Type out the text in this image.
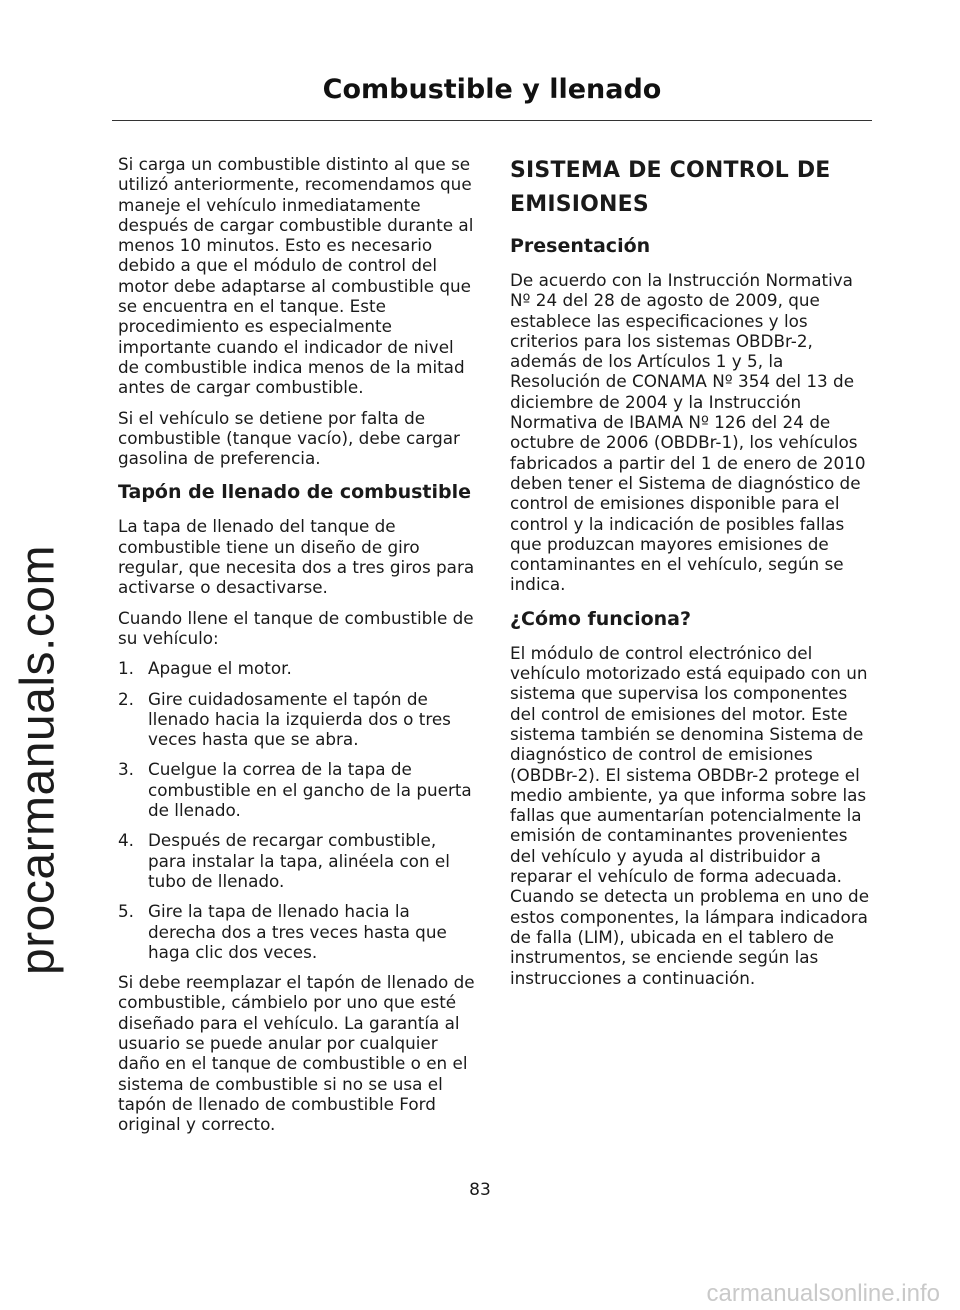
procarmanuals.com
Combustible y llenado

Si carga un combustible distinto al que se utilizó anteriormente, recomendamos que maneje el vehículo inmediatamente después de cargar combustible durante al menos 10 minutos. Esto es necesario debido a que el módulo de control del motor debe adaptarse al combustible que se encuentra en el tanque. Este procedimiento es especialmente importante cuando el indicador de nivel de combustible indica menos de la mitad antes de cargar combustible.

Si el vehículo se detiene por falta de combustible (tanque vacío), debe cargar gasolina de preferencia.

Tapón de llenado de combustible

La tapa de llenado del tanque de combustible tiene un diseño de giro regular, que necesita dos a tres giros para activarse o desactivarse.

Cuando llene el tanque de combustible de su vehículo:

1. Apague el motor.
2. Gire cuidadosamente el tapón de llenado hacia la izquierda dos o tres veces hasta que se abra.
3. Cuelgue la correa de la tapa de combustible en el gancho de la puerta de llenado.
4. Después de recargar combustible, para instalar la tapa, alinéela con el tubo de llenado.
5. Gire la tapa de llenado hacia la derecha dos a tres veces hasta que haga clic dos veces.

Si debe reemplazar el tapón de llenado de combustible, cámbielo por uno que esté diseñado para el vehículo. La garantía al usuario se puede anular por cualquier daño en el tanque de combustible o en el sistema de combustible si no se usa el tapón de llenado de combustible Ford original y correcto.

SISTEMA DE CONTROL DE EMISIONES
Presentación

De acuerdo con la Instrucción Normativa Nº 24 del 28 de agosto de 2009, que establece las especificaciones y los criterios para los sistemas OBDBr-2, además de los Artículos 1 y 5, la Resolución de CONAMA Nº 354 del 13 de diciembre de 2004 y la Instrucción Normativa de IBAMA Nº 126 del 24 de octubre de 2006 (OBDBr-1), los vehículos fabricados a partir del 1 de enero de 2010 deben tener el Sistema de diagnóstico de control de emisiones disponible para el control y la indicación de posibles fallas que produzcan mayores emisiones de contaminantes en el vehículo, según se indica.

¿Cómo funciona?

El módulo de control electrónico del vehículo motorizado está equipado con un sistema que supervisa los componentes del control de emisiones del motor. Este sistema también se denomina Sistema de diagnóstico de control de emisiones (OBDBr-2). El sistema OBDBr-2 protege el medio ambiente, ya que informa sobre las fallas que aumentarían potencialmente la emisión de contaminantes provenientes del vehículo y ayuda al distribuidor a reparar el vehículo de forma adecuada. Cuando se detecta un problema en uno de estos componentes, la lámpara indicadora de falla (LIM), ubicada en el tablero de instrumentos, se enciende según las instrucciones a continuación.

83
carmanualsonline.info
